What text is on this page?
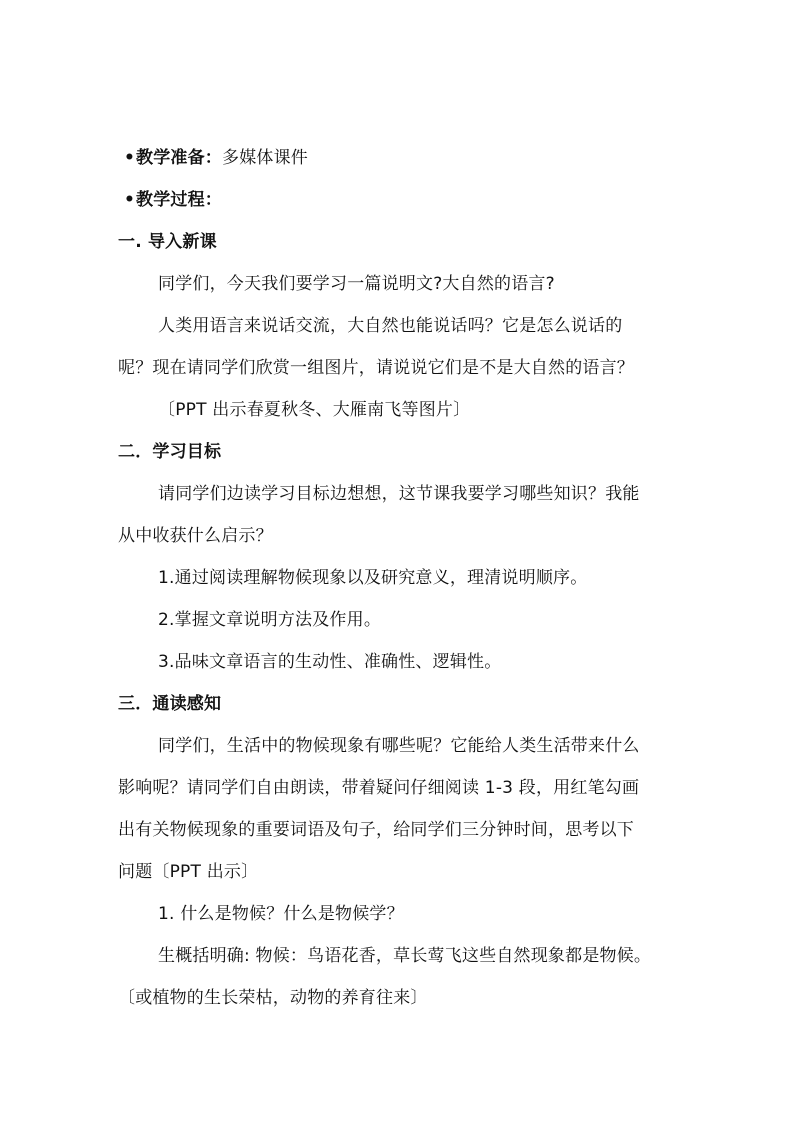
•教学准备：多媒体课件
•教学过程：
一. 导入新课
同学们，今天我们要学习一篇说明文?大自然的语言?
人类用语言来说话交流，大自然也能说话吗？它是怎么说话的
呢？现在请同学们欣赏一组图片，请说说它们是不是大自然的语言？
〔PPT 出示春夏秋冬、大雁南飞等图片〕
二．学习目标
请同学们边读学习目标边想想，这节课我要学习哪些知识？我能
从中收获什么启示？
1.通过阅读理解物候现象以及研究意义，理清说明顺序。
2.掌握文章说明方法及作用。
3.品味文章语言的生动性、准确性、逻辑性。
三．通读感知
同学们，生活中的物候现象有哪些呢？它能给人类生活带来什么
影响呢？请同学们自由朗读，带着疑问仔细阅读 1-3 段，用红笔勾画
出有关物候现象的重要词语及句子，给同学们三分钟时间，思考以下
问题〔PPT 出示〕
1. 什么是物候？什么是物候学？
生概括明确: 物候：鸟语花香，草长莺飞这些自然现象都是物候。
〔或植物的生长荣枯，动物的养育往来〕
